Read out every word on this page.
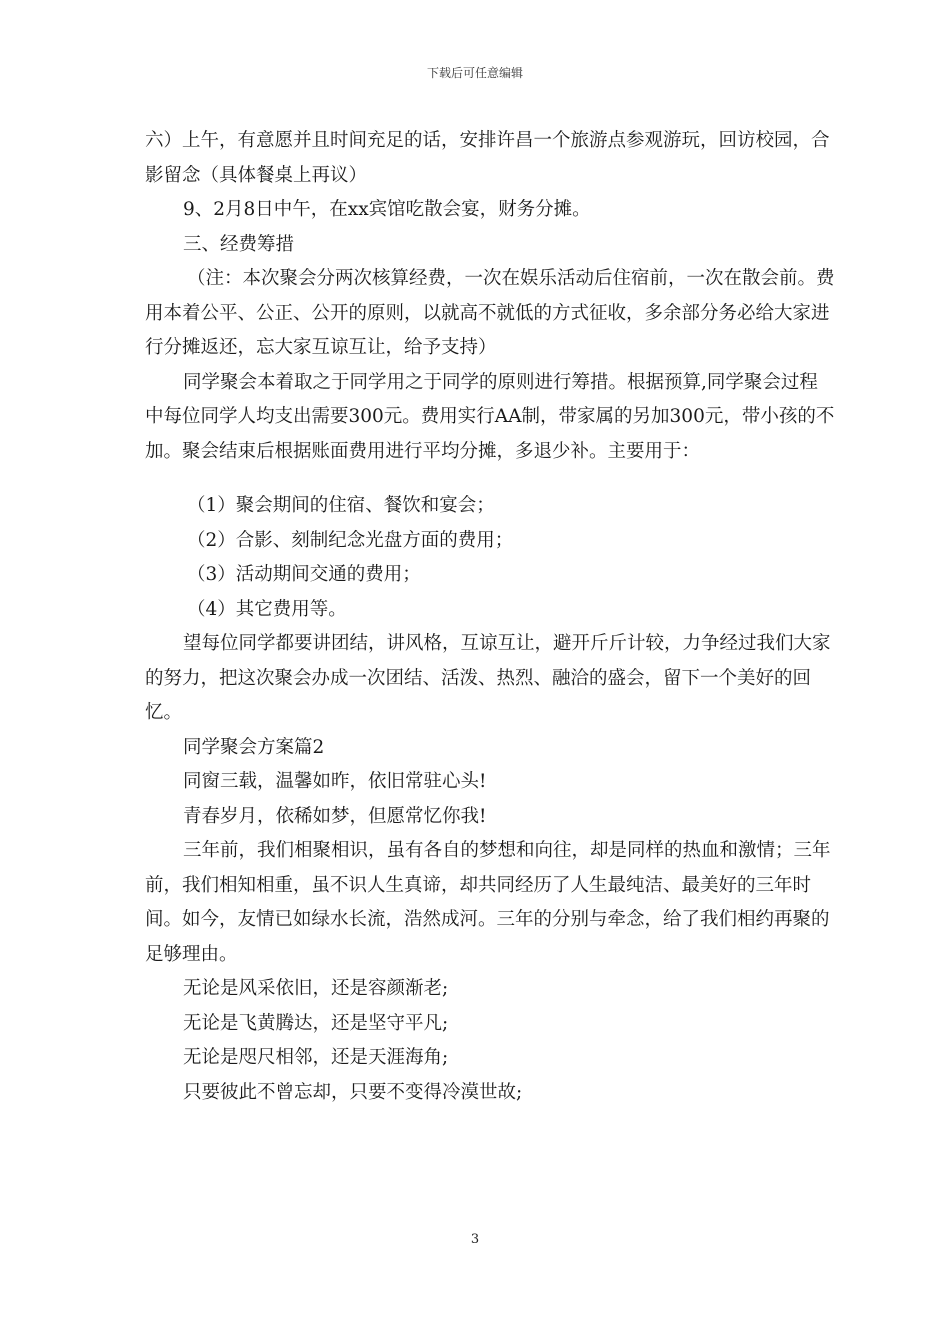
下载后可任意编辑

六）上午，有意愿并且时间充足的话，安排许昌一个旅游点参观游玩，回访校园，合影留念（具体餐桌上再议）

9、2月8日中午，在xx宾馆吃散会宴，财务分摊。

三、经费筹措

（注：本次聚会分两次核算经费，一次在娱乐活动后住宿前，一次在散会前。费用本着公平、公正、公开的原则，以就高不就低的方式征收，多余部分务必给大家进行分摊返还，忘大家互谅互让，给予支持）

同学聚会本着取之于同学用之于同学的原则进行筹措。根据预算,同学聚会过程中每位同学人均支出需要300元。费用实行AA制，带家属的另加300元，带小孩的不加。聚会结束后根据账面费用进行平均分摊，多退少补。主要用于：

（1）聚会期间的住宿、餐饮和宴会；

（2）合影、刻制纪念光盘方面的费用；

（3）活动期间交通的费用；

（4）其它费用等。

望每位同学都要讲团结，讲风格，互谅互让，避开斤斤计较，力争经过我们大家的努力，把这次聚会办成一次团结、活泼、热烈、融洽的盛会，留下一个美好的回忆。

同学聚会方案篇2

同窗三载，温馨如昨，依旧常驻心头!

青春岁月，依稀如梦，但愿常忆你我!

三年前，我们相聚相识，虽有各自的梦想和向往，却是同样的热血和激情；三年前，我们相知相重，虽不识人生真谛，却共同经历了人生最纯洁、最美好的三年时间。如今，友情已如绿水长流，浩然成河。三年的分别与牵念，给了我们相约再聚的足够理由。

无论是风采依旧，还是容颜渐老;

无论是飞黄腾达，还是坚守平凡;

无论是咫尺相邻，还是天涯海角;

只要彼此不曾忘却，只要不变得冷漠世故;

3
